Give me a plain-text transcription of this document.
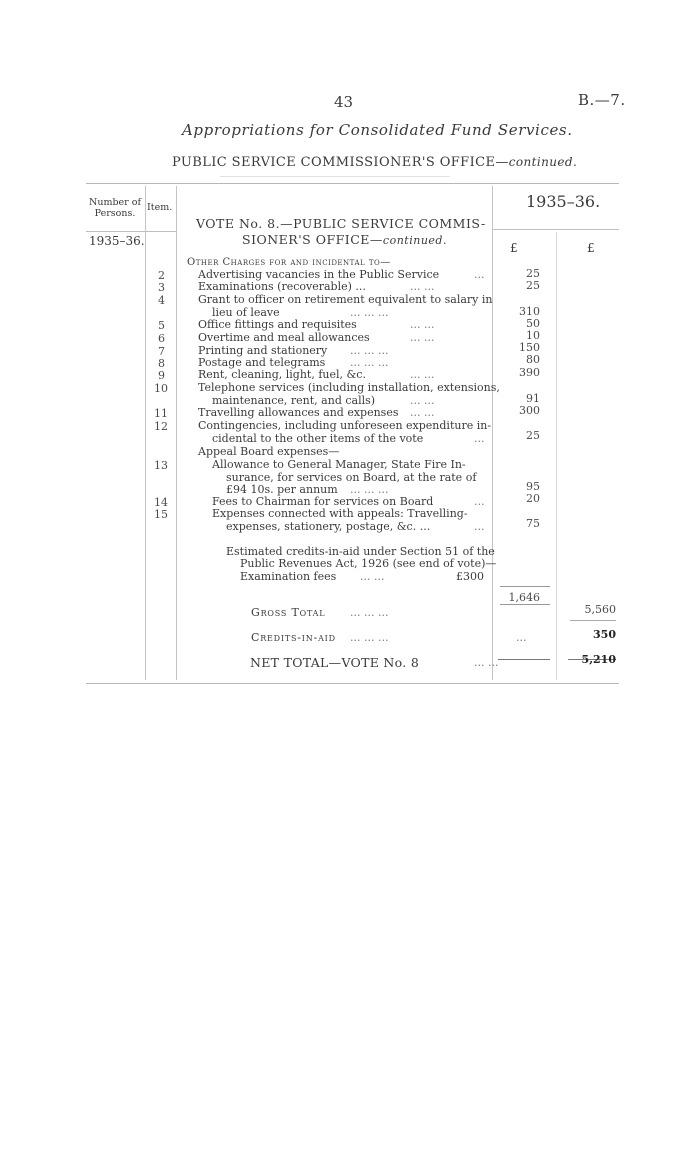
43	B.—7.
Appropriations for Consolidated Fund Services.
PUBLIC SERVICE COMMISSIONER'S OFFICE—continued.
Number of Persons.
Item.	1935–36.
VOTE No. 8.—PUBLIC SERVICE COMMIS-
SIONER'S OFFICE—continued.
1935–36.	£	£
Other Charges for and incidental to—
2	Advertising vacancies in the Public Service	...	25
3	Examinations (recoverable) ...	... ...	25
4	Grant to officer on retirement equivalent to salary in
lieu of leave	... ... ...	310
5	Office fittings and requisites	... ...	50
6	Overtime and meal allowances	... ...	10
7	Printing and stationery ... ... ...	150
8	Postage and telegrams ... ... ...	80
9	Rent, cleaning, light, fuel, &c.	... ...	390
10	Telephone services (including installation, extensions,
maintenance, rent, and calls)	... ...	91
11	Travelling allowances and expenses ... ...	300
12	Contingencies, including unforeseen expenditure in-
cidental to the other items of the vote	...	25
Appeal Board expenses—
13	Allowance to General Manager, State Fire In-
surance, for services on Board, at the rate of
£94 10s. per annum ... ... ...	95
14	Fees to Chairman for services on Board	...	20
15	Expenses connected with appeals: Travelling-
expenses, stationery, postage, &c. ...	...	75
Estimated credits-in-aid under Section 51 of the
Public Revenues Act, 1926 (see end of vote)—
Examination fees ... ...	£300
1,646
Gross Total ... ... ...	5,560
Credits-in-aid ... ... ...	...	350
NET TOTAL—VOTE No. 8	... ...	5,210
